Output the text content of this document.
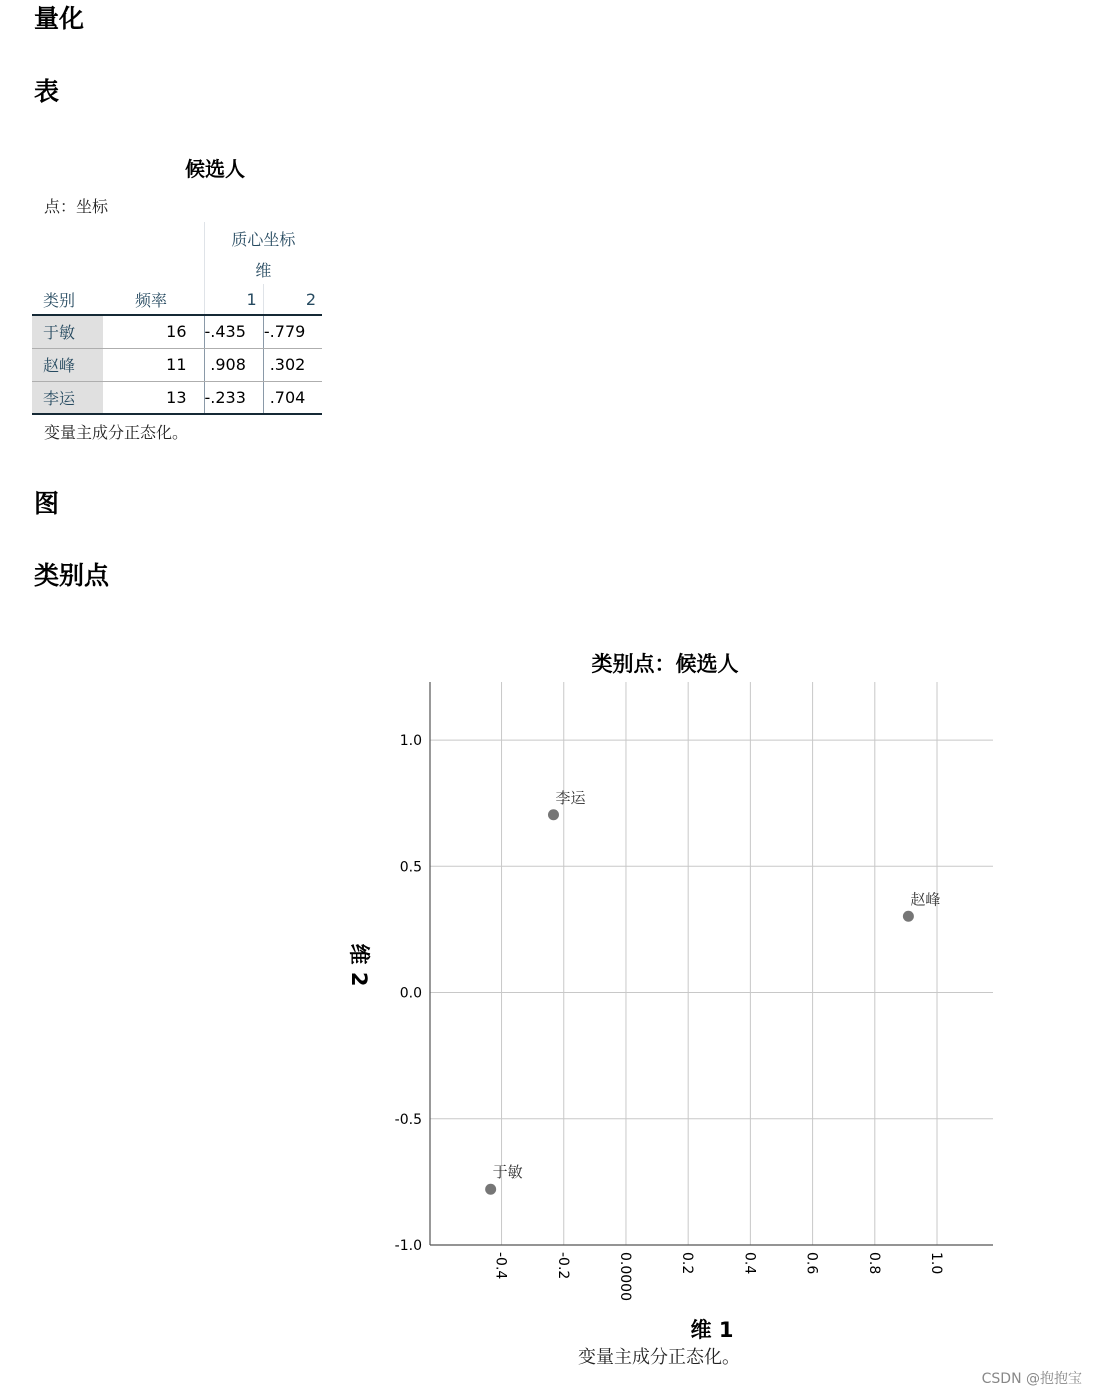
量化
表
候选人
点：坐标
		质心坐标	
		维	
类别	频率	1	2
于敏	16	-.435	-.779
赵峰	11	.908	.302
李运	13	-.233	.704
变量主成分正态化。
图
类别点
类别点：候选人
-0.4	-0.2	0.0000	0.2	0.4	0.6	0.8	1.0
1.0
0.5
0.0
-0.5
-1.0
于敏
赵峰
李运
维 1
维 2
变量主成分正态化。
CSDN @抱抱宝
